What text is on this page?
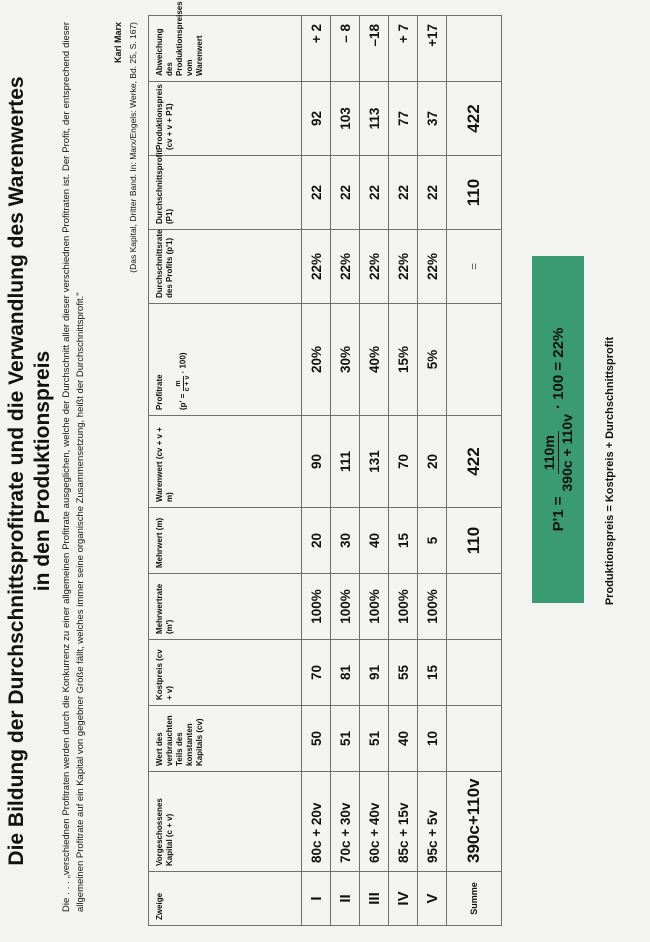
Die Bildung der Durchschnittsprofitrate und die Verwandlung des Warenwertes in den Produktionspreis Die . . . „verschiednen Profitraten werden durch die Konkurrenz zu einer allgemeinen Profitrate ausgeglichen, welche der Durchschnitt aller dieser verschiednen Profitraten ist. Der Profit, der entsprechend dieser allgemeinen Profitrate auf ein Kapital von gegebner Größe fällt, welches immer seine organische Zusammensetzung, heißt der Durchschnittsprofit."
Karl Marx (Das Kapital, Dritter Band. In: Marx/Engels: Werke, Bd. 25, S. 167)
Zweige	Vorgeschossenes Kapital (c + v)	Wert des verbrauchten Teils des konstanten Kapitals (cv)	Kostpreis (cv + v)	Mehrwertrate (m')	Mehrwert (m)	Warenwert (cv + v + m)	Profitrate (p' =
m c + v · 100)	Durchschnittsrate des Profits (p'1)	Durchschnittsprofit (P1)	Produktionspreis (cv + v + P1)	Abweichung des Produktionspreises vom Warenwert
I	80c + 20v	50	70	100%	20	90	20%	22%	22	92	+ 2
II	70c + 30v	51	81	100%	30	111	30%	22%	22	103	– 8
III	60c + 40v	51	91	100%	40	131	40%	22%	22	113	–18
IV	85c + 15v	40	55	100%	15	70	15%	22%	22	77	+ 7
V	95c + 5v	10	15	100%	5	20	5%	22%	22	37	+17
Summe	390c+110v				110	422		=	110	422	
P'1 =
110m 390c + 110v
· 100 = 22%	Produktionspreis = Kostpreis + Durchschnittsprofit
